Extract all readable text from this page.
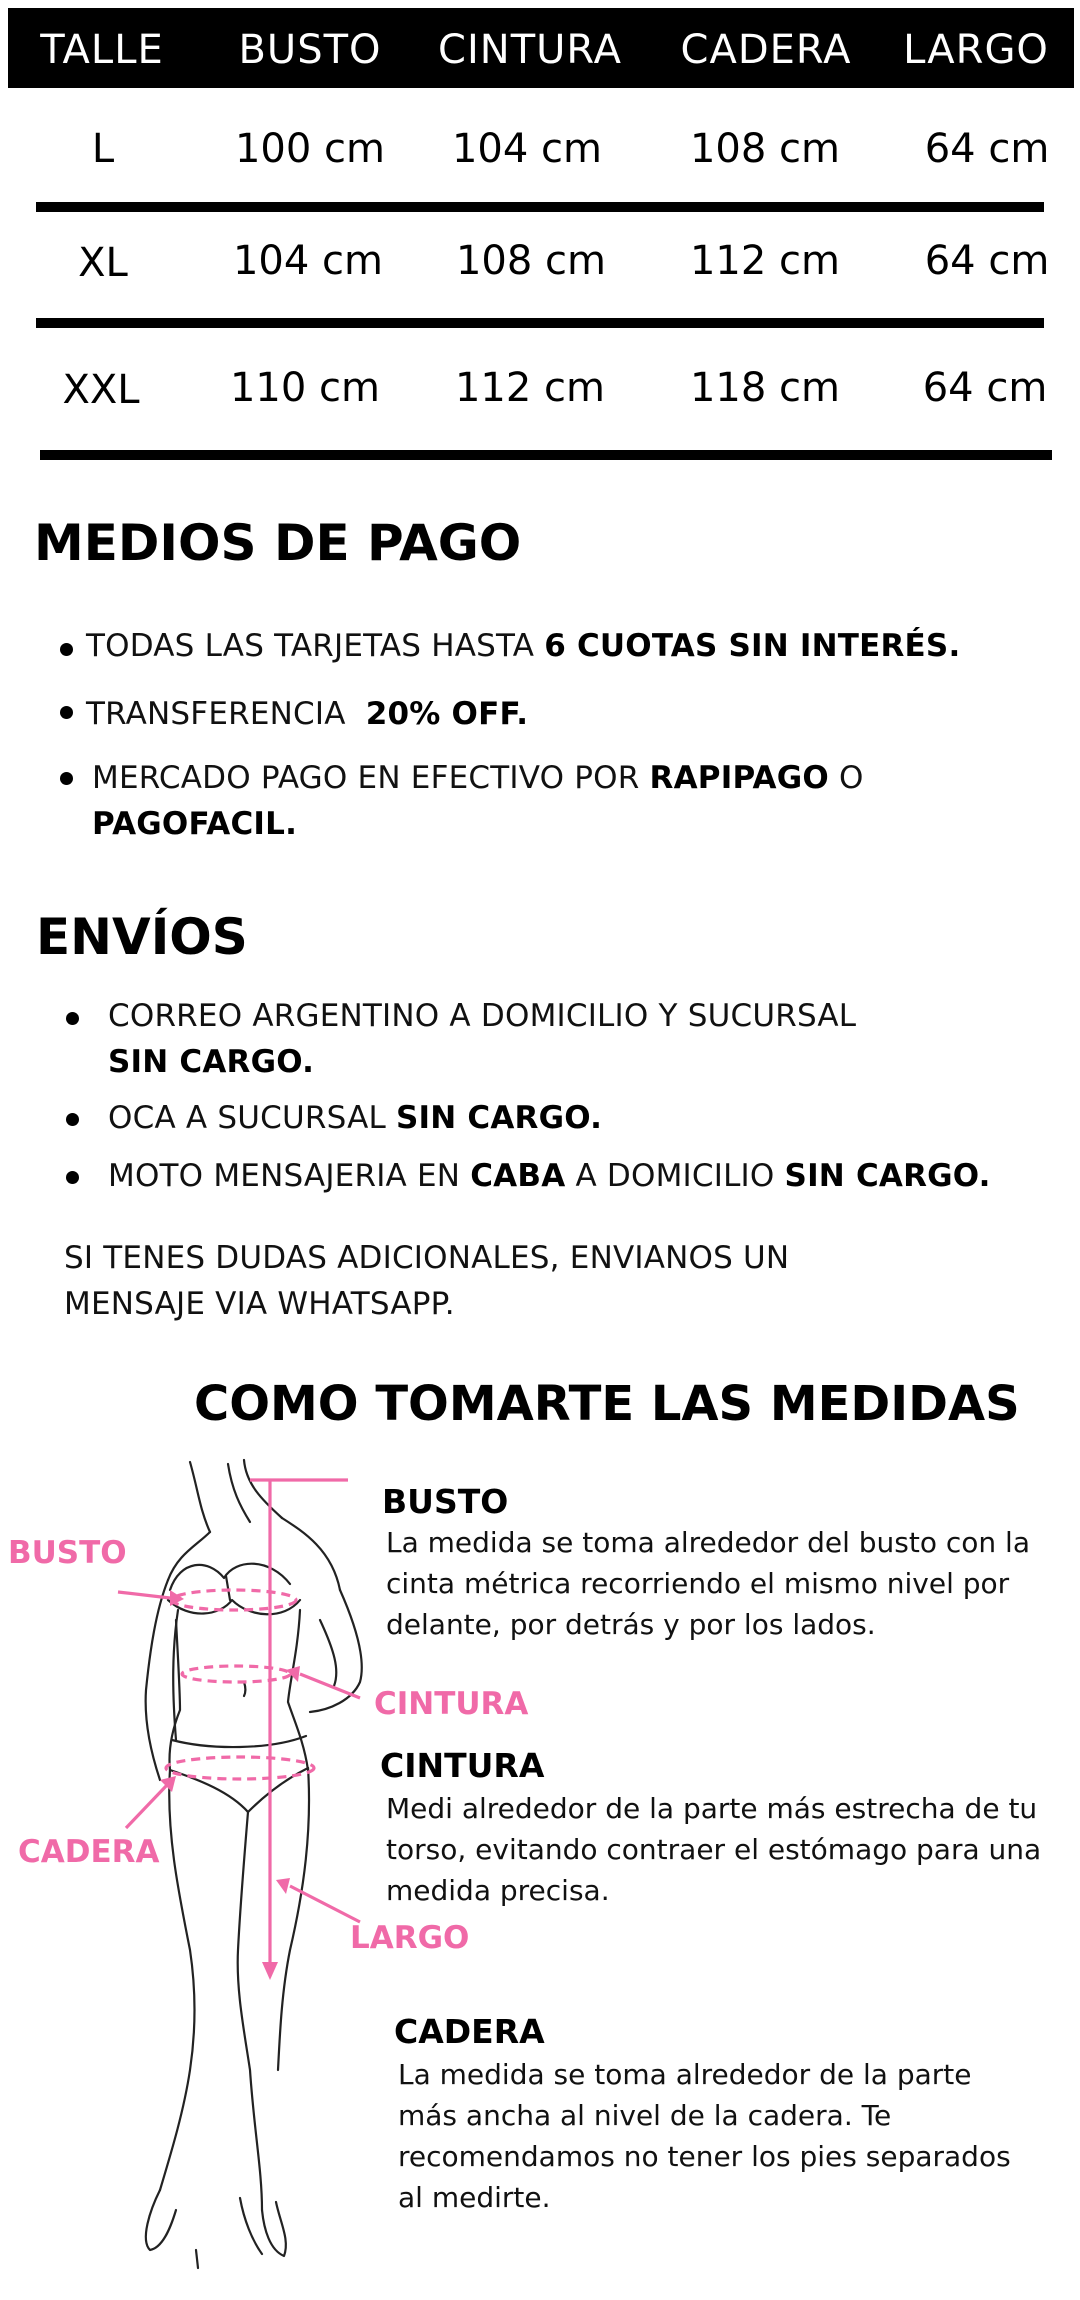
TALLE BUSTO CINTURA CADERA LARGO
L	100 cm 104 cm 108 cm 64 cm
XL	104 cm 108 cm 112 cm 64 cm
XXL 110 cm 112 cm 118 cm 64 cm
MEDIOS DE PAGO
TODAS LAS TARJETAS HASTA 6 CUOTAS SIN INTERÉS.
TRANSFERENCIA  20% OFF.
MERCADO PAGO EN EFECTIVO POR RAPIPAGO O
PAGOFACIL.
ENVÍOS
CORREO ARGENTINO A DOMICILIO Y SUCURSAL
SIN CARGO.
OCA A SUCURSAL SIN CARGO.
MOTO MENSAJERIA EN CABA A DOMICILIO SIN CARGO.
SI TENES DUDAS ADICIONALES, ENVIANOS UN
MENSAJE VIA WHATSAPP.
COMO TOMARTE LAS MEDIDAS
BUSTO
CINTURA
CADERA
LARGO
BUSTO
La medida se toma alrededor del busto con la
cinta métrica recorriendo el mismo nivel por
delante, por detrás y por los lados.
CINTURA
Medi alrededor de la parte más estrecha de tu
torso, evitando contraer el estómago para una
medida precisa.
CADERA
La medida se toma alrededor de la parte
más ancha al nivel de la cadera. Te
recomendamos no tener los pies separados
al medirte.
